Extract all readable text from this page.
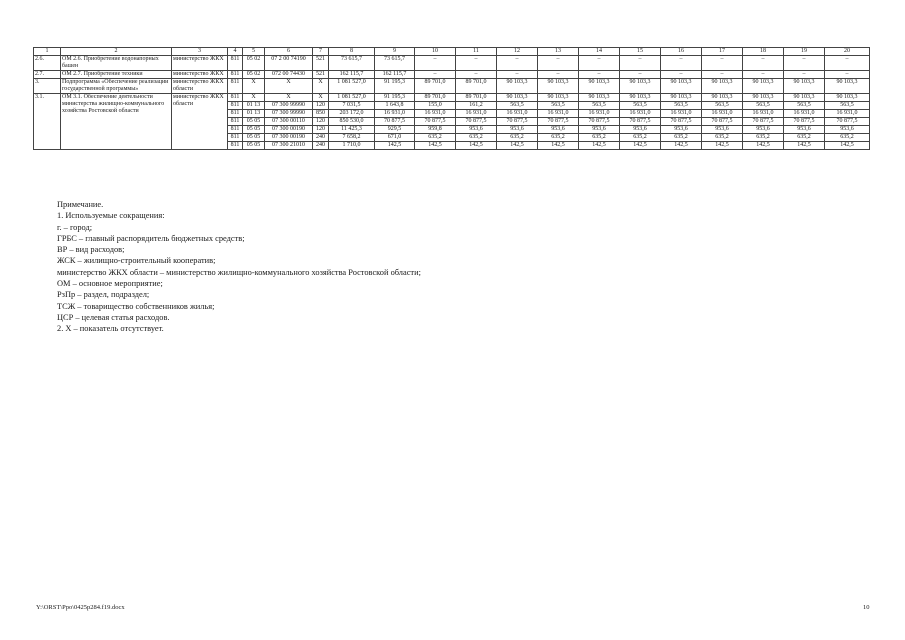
1	2	3	4	5	6	7	8	9	10	11	12	13	14	15	16	17	18	19	20
2.6.	ОМ 2.6. Приобретение водонапорных башен	министерство ЖКХ	811	05 02	07 2 00 74190	521	73 615,7	73 615,7	–	–	–	–	–	–	–	–	–	–	–
2.7.	ОМ 2.7. Приобретение техники	министерство ЖКХ	811	05 02	072 00 74430	521	162 115,7	162 115,7	–	–	–	–	–	–	–	–	–	–	–
3.	Подпрограмма «Обеспечение реализации государственной программы»	министерство ЖКХ области	811	X	X	X	1 081 527,0	91 195,3	89 701,0	89 701,0	90 103,3	90 103,3	90 103,3	90 103,3	90 103,3	90 103,3	90 103,3	90 103,3	90 103,3
3.1.	ОМ 3.1. Обеспечение деятельности министерства жилищно-коммунального хозяйства Ростовской области	министерство ЖКХ области	811	X	X	X	1 081 527,0	91 195,3	89 701,0	89 701,0	90 103,3	90 103,3	90 103,3	90 103,3	90 103,3	90 103,3	90 103,3	90 103,3	90 103,3
			811	01 13	07 300 99990	120	7 031,5	1 643,8	155,0	161,2	563,5	563,5	563,5	563,5	563,5	563,5	563,5	563,5	563,5
			811	01 13	07 300 99990	850	203 172,0	16 931,0	16 931,0	16 931,0	16 931,0	16 931,0	16 931,0	16 931,0	16 931,0	16 931,0	16 931,0	16 931,0	16 931,0
			811	05 05	07 300 00110	120	850 530,0	70 877,5	70 877,5	70 877,5	70 877,5	70 877,5	70 877,5	70 877,5	70 877,5	70 877,5	70 877,5	70 877,5	70 877,5
			811	05 05	07 300 00190	120	11 425,3	929,5	959,8	953,6	953,6	953,6	953,6	953,6	953,6	953,6	953,6	953,6	953,6
			811	05 05	07 300 00190	240	7 658,2	671,0	635,2	635,2	635,2	635,2	635,2	635,2	635,2	635,2	635,2	635,2	635,2
			811	05 05	07 300 21010	240	1 710,0	142,5	142,5	142,5	142,5	142,5	142,5	142,5	142,5	142,5	142,5	142,5	142,5
Примечание.
1. Используемые сокращения:
г. – город;
ГРБС – главный распорядитель бюджетных средств;
ВР – вид расходов;
ЖСК – жилищно-строительный кооператив;
министерство ЖКХ области – министерство жилищно-коммунального хозяйства Ростовской области;
ОМ – основное мероприятие;
РзПр – раздел, подраздел;
ТСЖ – товарищество собственников жилья;
ЦСР – целевая статья расходов.
2. X – показатель отсутствует.
Y:\ORST\Ppo\0425p284.f19.docx	10
